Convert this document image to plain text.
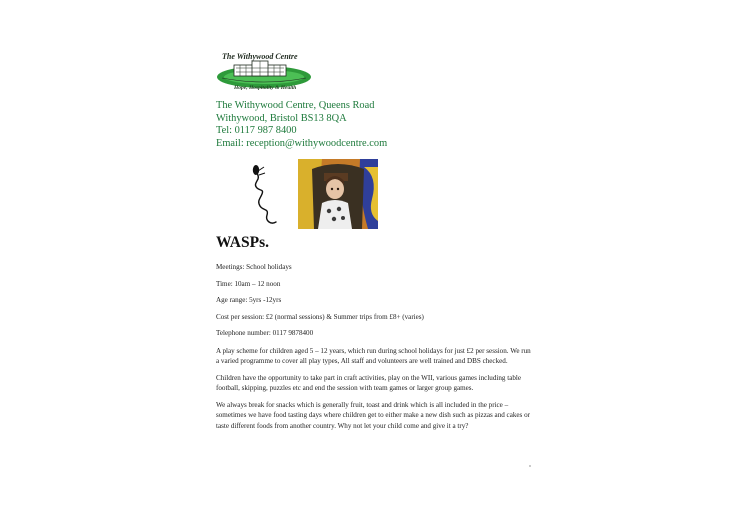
The Withywood Centre
Hope, Hospitality & Health
The Withywood Centre, Queens Road
Withywood, Bristol BS13 8QA
Tel: 0117 987 8400
Email: reception@withywoodcentre.com
WASPs.
Meetings: School holidays
Time: 10am – 12 noon
Age range: 5yrs -12yrs
Cost per session: £2 (normal sessions) & Summer trips from £8+ (varies)
Telephone number: 0117 9878400
A play scheme for children aged 5 – 12 years, which run during school holidays for just £2 per session. We run a varied programme to cover all play types, All staff and volunteers are well trained and DBS checked.
Children have the opportunity to take part in craft activities, play on the WII, various games including table football, skipping, puzzles etc and end the session with team games or larger group games.
We always break for snacks which is generally fruit, toast and drink which is all included in the price – sometimes we have food tasting days where children get to either make a new dish such as pizzas and cakes or taste different foods from another country. Why not let your child come and give it a try?
